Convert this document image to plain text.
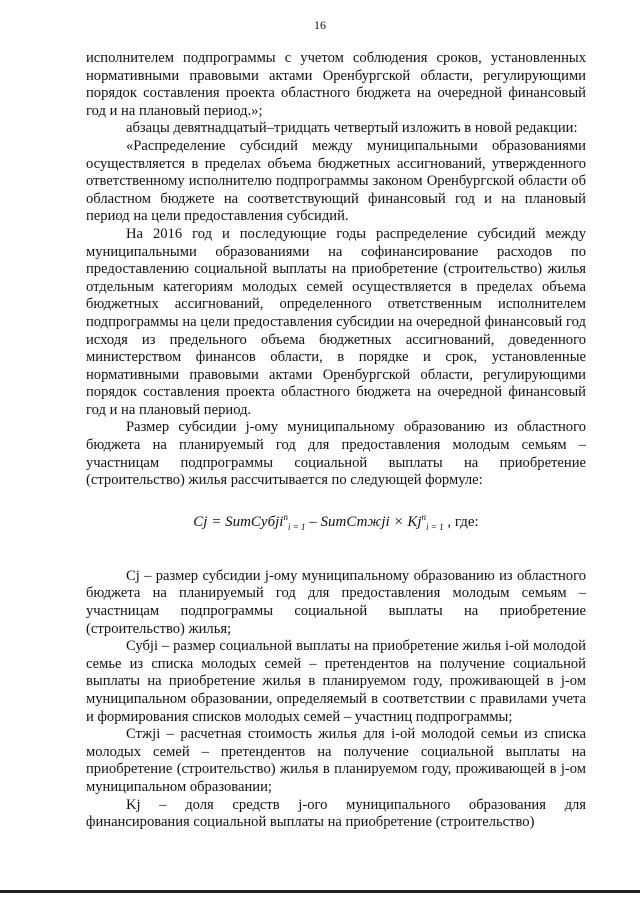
16

исполнителем подпрограммы с учетом соблюдения сроков, установленных нормативными правовыми актами Оренбургской области, регулирующими порядок составления проекта областного бюджета на очередной финансовый год и на плановый период.»;

абзацы девятнадцатый–тридцать четвертый изложить в новой редакции:

«Распределение субсидий между муниципальными образованиями осуществляется в пределах объема бюджетных ассигнований, утвержденного ответственному исполнителю подпрограммы законом Оренбургской области об областном бюджете на соответствующий финансовый год и на плановый период на цели предоставления субсидий.

На 2016 год и последующие годы распределение субсидий между муниципальными образованиями на софинансирование расходов по предоставлению социальной выплаты на приобретение (строительство) жилья отдельным категориям молодых семей осуществляется в пределах объема бюджетных ассигнований, определенного ответственным исполнителем подпрограммы на цели предоставления субсидии на очередной финансовый год исходя из предельного объема бюджетных ассигнований, доведенного министерством финансов области, в порядке и срок, установленные нормативными правовыми актами Оренбургской области, регулирующими порядок составления проекта областного бюджета на очередной финансовый год и на плановый период.

Размер субсидии j-ому муниципальному образованию из областного бюджета на планируемый год для предоставления молодым семьям – участницам подпрограммы социальной выплаты на приобретение (строительство) жилья рассчитывается по следующей формуле:

Cj = SumСубji$^n_{i = 1}$ – SumСтжji × $Kj^n_{i = 1}$ , где:

Cj – размер субсидии j-ому муниципальному образованию из областного бюджета на планируемый год для предоставления молодым семьям – участницам подпрограммы социальной выплаты на приобретение (строительство) жилья;

Субji – размер социальной выплаты на приобретение жилья i-ой молодой семье из списка молодых семей – претендентов на получение социальной выплаты на приобретение жилья в планируемом году, проживающей в j-ом муниципальном образовании, определяемый в соответствии с правилами учета и формирования списков молодых семей – участниц подпрограммы;

Стжji – расчетная стоимость жилья для i-ой молодой семьи из списка молодых семей – претендентов на получение социальной выплаты на приобретение (строительство) жилья в планируемом году, проживающей в j-ом муниципальном образовании;

Kj – доля средств j-ого муниципального образования для финансирования социальной выплаты на приобретение (строительство)
